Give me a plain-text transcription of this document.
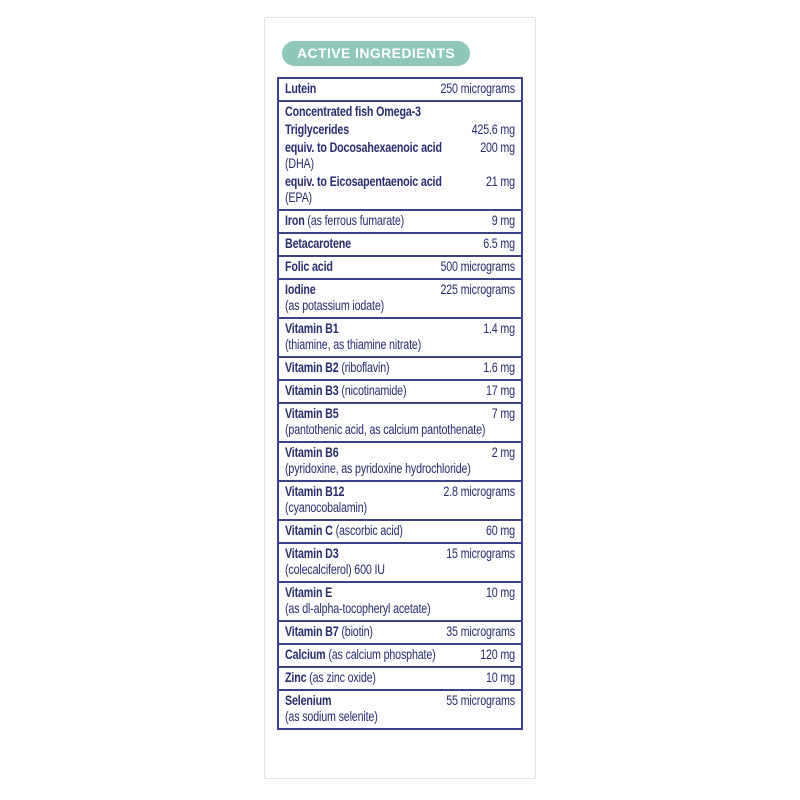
ACTIVE INGREDIENTS
Lutein	250 micrograms
Concentrated fish Omega-3
Triglycerides	425.6 mg
equiv. to Docosahexaenoic acid	200 mg
(DHA)
equiv. to Eicosapentaenoic acid	21 mg
(EPA)
Iron (as ferrous fumarate)	9 mg
Betacarotene	6.5 mg
Folic acid	500 micrograms
Iodine	225 micrograms
(as potassium iodate)
Vitamin B1	1.4 mg
(thiamine, as thiamine nitrate)
Vitamin B2 (riboflavin)	1.6 mg
Vitamin B3 (nicotinamide)	17 mg
Vitamin B5	7 mg
(pantothenic acid, as calcium pantothenate)
Vitamin B6	2 mg
(pyridoxine, as pyridoxine hydrochloride)
Vitamin B12	2.8 micrograms
(cyanocobalamin)
Vitamin C (ascorbic acid)	60 mg
Vitamin D3	15 micrograms
(colecalciferol) 600 IU
Vitamin E	10 mg
(as dl-alpha-tocopheryl acetate)
Vitamin B7 (biotin)	35 micrograms
Calcium (as calcium phosphate)	120 mg
Zinc (as zinc oxide)	10 mg
Selenium	55 micrograms
(as sodium selenite)
